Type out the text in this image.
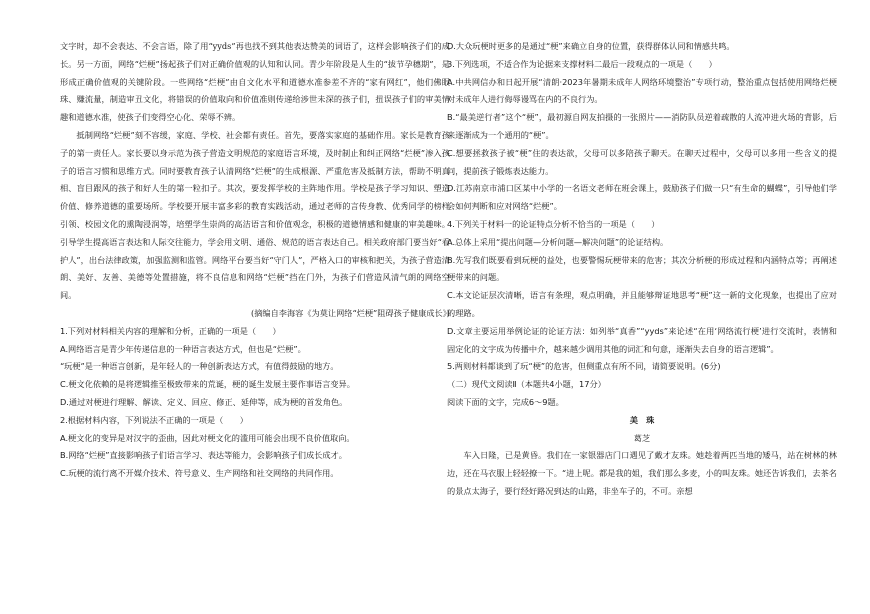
文字时，却不会表达、不会言语，除了用“yyds”再也找不到其他表达赞美的词语了，这样会影响孩子们的成长。另一方面，网络“烂梗”扬起孩子们对正确价值观的认知和认同。青少年阶段是人生的“拔节孕穗期”，是形成正确价值观的关键阶段。一些网络“烂梗”由自文化水平和道德水准参差不齐的“家有网红”，他们佛眼珠、赚流量，制造审丑文化，将错误的价值取向和价值准则传递给涉世未深的孩子们，扭误孩子们的审美情趣和道德水准，使孩子们变得空心化、荣辱不辨。

抵制网络“烂梗”刻不容缓，家庭、学校、社会都有责任。首先，要落实家庭的基础作用。家长是教育孩子的第一责任人。家长要以身示范为孩子营造文明规范的家庭语言环境，及时制止和纠正网络“烂梗”渗入孩子的语言习惯和思维方式。同时要教育孩子认清网络“烂梗”的生成根源、严重危害及抵制方法，帮助不明真相、盲目跟风的孩子和好人生的第一粒扣子。其次，要发挥学校的主阵地作用。学校是孩子学习知识、塑造价值、修养道德的重要场所。学校要开展丰富多彩的教育实践活动，通过老师的言传身教、优秀同学的榜样引领、校园文化的熏陶浸润等，培塑学生崇尚的高洁语言和价值观念，积极的道德情感和健康的审美趣味。引导学生提高语言表达和人际交往能力，学会用文明、通俗、规范的语言表达自己。相关政府部门要当好“看护人”，出台法律政策，加强监测和监管。网络平台要当好“守门人”，严格入口的审核和把关，为孩子营造清朗、美好、友善、美德等处置措施，将不良信息和网络“烂梗”挡在门外，为孩子们营造风清气朗的网络空间。

(摘编自李海容《为莫让网络“烂梗”阻碍孩子健康成长》)

1.下列对材料相关内容的理解和分析，正确的一项是（　　）

A.网络语言是青少年传递信息的一种语言表达方式，但也是“烂梗”。

“玩梗”是一种语言创新，是年轻人的一种创新表达方式，有值得鼓励的地方。

C.梗文化依赖的是将逻辑推至极致带来的荒诞，梗的诞生发展主要作事语言变异。

D.通过对梗进行理解、解读、定义、回应、修正、延伸等，成为梗的首发角色。

2.根据材料内容，下列说法不正确的一项是（　　）

A.梗文化的变异是对汉字的歪曲，因此对梗文化的滥用可能会出现不良价值取向。

B.网络“烂梗”直接影响孩子们语言学习、表达等能力，会影响孩子们成长成才。

C.玩梗的流行离不开媒介技术、符号意义、生产网络和社交网络的共同作用。

D.大众玩梗时更多的是通过“梗”来确立自身的位置，获得群体认同和情感共鸣。

3.下列选项，不适合作为论据来支撑材料二最后一段观点的一项是（　　）

A.中共网信办和日起开展“清朗·2023年暑期未成年人网络环境整治”专项行动，整治重点包括使用网络烂梗对未成年人进行侮辱谩骂在内的不良行为。

B.“最美逆行者”这个“梗”，最初源自网友拍摄的一张照片——消防队员逆着疏散的人流冲进火场的背影，后来逐渐成为一个通用的“梗”。

C.想要拯救孩子被“梗”住的表达欲，父母可以多陪孩子聊天。在聊天过程中，父母可以多用一些含义的提问，提前孩子锻炼表达能力。

D.江苏南京市浦口区某中小学的一名语文老师在班会课上，鼓励孩子们做一只“有生命的蝴蝶”，引导他们学会如何判断和应对网络“烂梗”。

4.下列关于材料一的论证特点分析不恰当的一项是（　　）

A.总体上采用“提出问题—分析问题—解决问题”的论证结构。

B.先写我们既要看到玩梗的益处，也要警惕玩梗带来的危害；其次分析梗的形成过程和内涵特点等；再阐述梗带来的问题。

C.本文论证层次清晰，语言有条理，观点明确，并且能够辩证地思考“梗”这一新的文化现象，也提出了应对的理路。

D.文章主要运用举例论证的论证方法：如列举“真香”“yyds”来论述“在用‘网络流行梗’进行交流时，表情和固定化的文字成为传播中介，越来越少调用其他的词汇和句意，逐渐失去自身的语言逻辑”。

5.两则材料都谈到了玩“梗”的危害，但侧重点有所不同，请简要说明。(6分)

（二）现代文阅读Ⅱ（本题共4小题，17分）

阅读下面的文字，完成6～9题。

美　珠

葛芝

车入日隆，已是黄昏。我们在一家银器店门口遇见了戴才友珠。她趁着两匹当地的矮马，站在树林的林边，还在马衣服上轻轻撩一下。“进上呢。都是我的姐，我们那么多麦，小的叫友珠。她还告诉我们，去茶名的景点太海子，要行经好路况到达的山路，非坐车子的，不可。亲想
